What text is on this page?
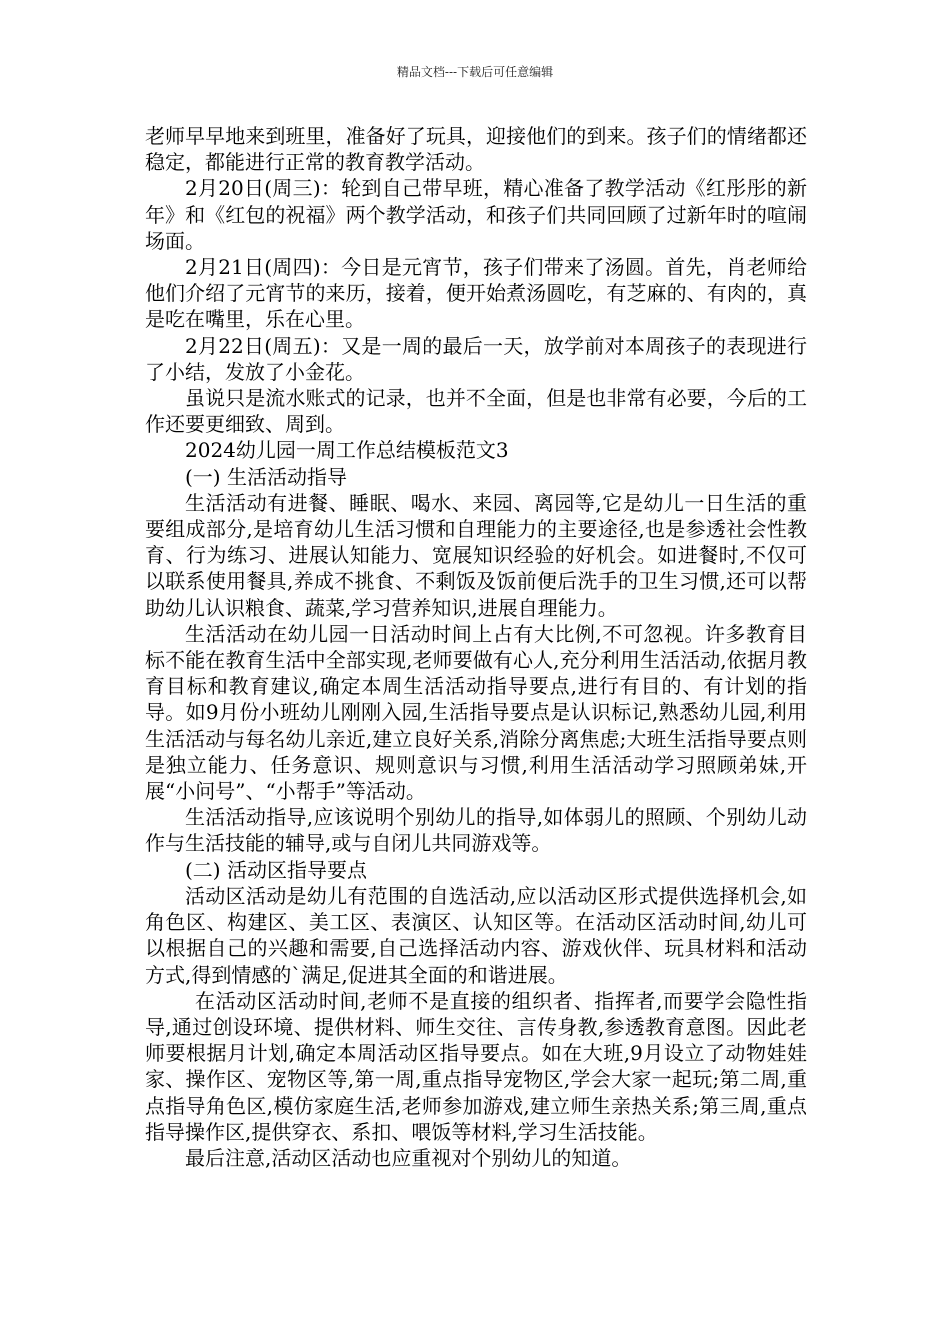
精品文档---下载后可任意编辑

老师早早地来到班里，准备好了玩具，迎接他们的到来。孩子们的情绪都还稳定，都能进行正常的教育教学活动。

2月20日(周三)：轮到自己带早班，精心准备了教学活动《红彤彤的新年》和《红包的祝福》两个教学活动，和孩子们共同回顾了过新年时的喧闹场面。

2月21日(周四)：今日是元宵节，孩子们带来了汤圆。首先，肖老师给他们介绍了元宵节的来历，接着，便开始煮汤圆吃，有芝麻的、有肉的，真是吃在嘴里，乐在心里。

2月22日(周五)：又是一周的最后一天，放学前对本周孩子的表现进行了小结，发放了小金花。

虽说只是流水账式的记录，也并不全面，但是也非常有必要，今后的工作还要更细致、周到。

2024幼儿园一周工作总结模板范文3

(一) 生活活动指导

生活活动有进餐、睡眠、喝水、来园、离园等,它是幼儿一日生活的重要组成部分,是培育幼儿生活习惯和自理能力的主要途径,也是参透社会性教育、行为练习、进展认知能力、宽展知识经验的好机会。如进餐时,不仅可以联系使用餐具,养成不挑食、不剩饭及饭前便后洗手的卫生习惯,还可以帮助幼儿认识粮食、蔬菜,学习营养知识,进展自理能力。

生活活动在幼儿园一日活动时间上占有大比例,不可忽视。许多教育目标不能在教育生活中全部实现,老师要做有心人,充分利用生活活动,依据月教育目标和教育建议,确定本周生活活动指导要点,进行有目的、有计划的指导。如9月份小班幼儿刚刚入园,生活指导要点是认识标记,熟悉幼儿园,利用生活活动与每名幼儿亲近,建立良好关系,消除分离焦虑;大班生活指导要点则是独立能力、任务意识、规则意识与习惯,利用生活活动学习照顾弟妹,开展“小问号”、“小帮手”等活动。

生活活动指导,应该说明个别幼儿的指导,如体弱儿的照顾、个别幼儿动作与生活技能的辅导,或与自闭儿共同游戏等。

(二) 活动区指导要点

活动区活动是幼儿有范围的自选活动,应以活动区形式提供选择机会,如角色区、构建区、美工区、表演区、认知区等。在活动区活动时间,幼儿可以根据自己的兴趣和需要,自己选择活动内容、游戏伙伴、玩具材料和活动方式,得到情感的`满足,促进其全面的和谐进展。

在活动区活动时间,老师不是直接的组织者、指挥者,而要学会隐性指导,通过创设环境、提供材料、师生交往、言传身教,参透教育意图。因此老师要根据月计划,确定本周活动区指导要点。如在大班,9月设立了动物娃娃家、操作区、宠物区等,第一周,重点指导宠物区,学会大家一起玩;第二周,重点指导角色区,模仿家庭生活,老师参加游戏,建立师生亲热关系;第三周,重点指导操作区,提供穿衣、系扣、喂饭等材料,学习生活技能。

最后注意,活动区活动也应重视对个别幼儿的知道。
